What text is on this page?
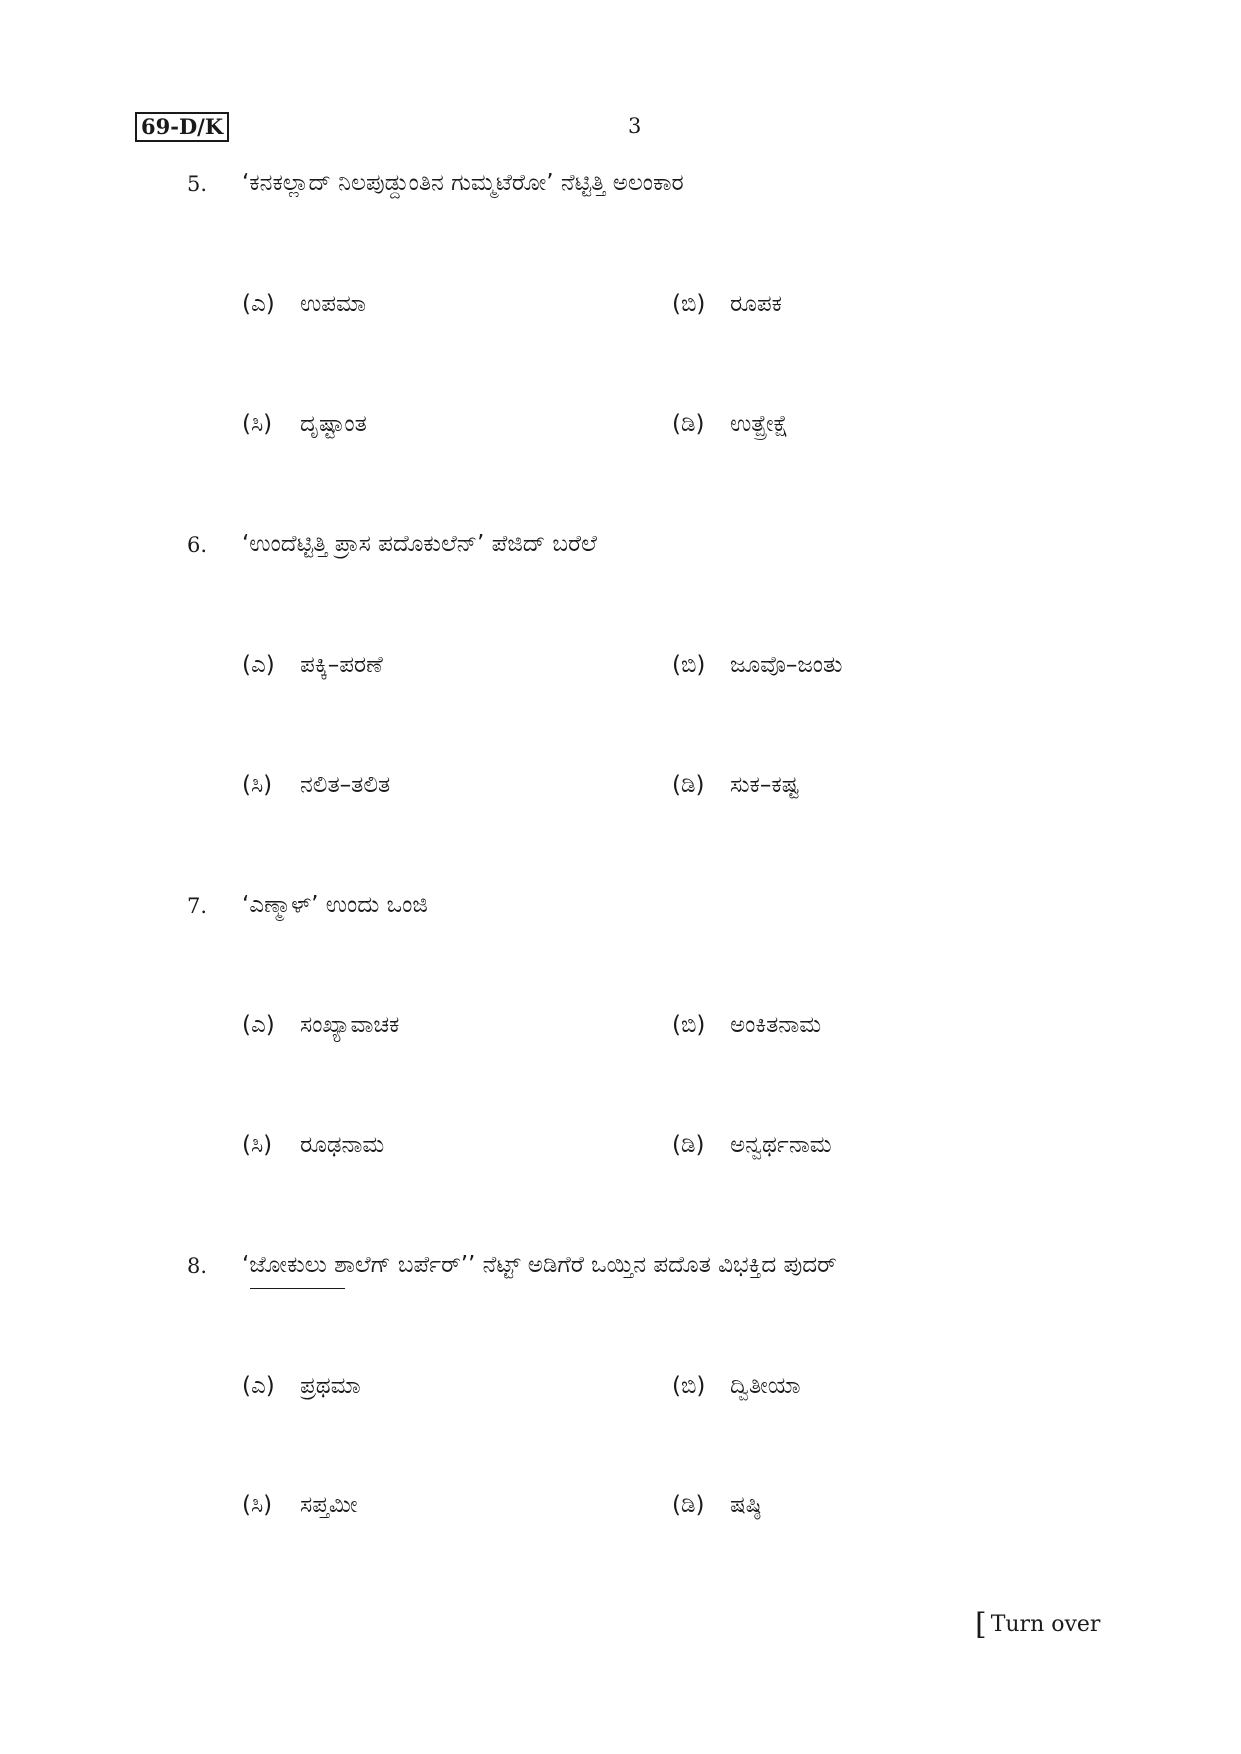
69-D/K	3
5. ‘ಕನಕಲ್ಲಾದ್ ನಿಲಪುಡ್ದುಂತಿನ ಗುಮ್ಮಟೆರೋ’ ನೆಟ್ಟಿತ್ತಿ ಅಲಂಕಾರ
(ಎ) ಉಪಮಾ	(ಬಿ) ರೂಪಕ
(ಸಿ) ದೃಷ್ಟಾಂತ	(ಡಿ) ಉತ್ಪ್ರೇಕ್ಷೆ
6. ‘ಉಂದೆಟ್ಟಿತ್ತಿ ಪ್ರಾಸ ಪದೊಕುಲೆನ್’ ಪೆಜಿದ್ ಬರೆಲೆ
(ಎ) ಪಕ್ಕಿ–ಪರಣೆ	(ಬಿ) ಜೂವೊ–ಜಂತು
(ಸಿ) ನಲಿತ–ತಲಿತ	(ಡಿ) ಸುಕ–ಕಷ್ಟ
7. ‘ಎಣ್ಮಾಳ್’ ಉಂದು ಒಂಜಿ
(ಎ) ಸಂಖ್ಯಾವಾಚಕ	(ಬಿ) ಅಂಕಿತನಾಮ
(ಸಿ) ರೂಢನಾಮ	(ಡಿ) ಅನ್ವರ್ಥನಾಮ
8. ‘ಜೋಕುಲು ಶಾಲೆಗ್ ಬರ್ಪೆರ್’’ ನೆಟ್ಟ್ ಅಡಿಗೆರೆ ಒಯ್ತಿನ ಪದೊತ ವಿಭಕ್ತಿದ ಪುದರ್
(ಎ) ಪ್ರಥಮಾ	(ಬಿ) ದ್ವಿತೀಯಾ
(ಸಿ) ಸಪ್ತಮೀ	(ಡಿ) ಷಷ್ಠಿ
[ Turn over
